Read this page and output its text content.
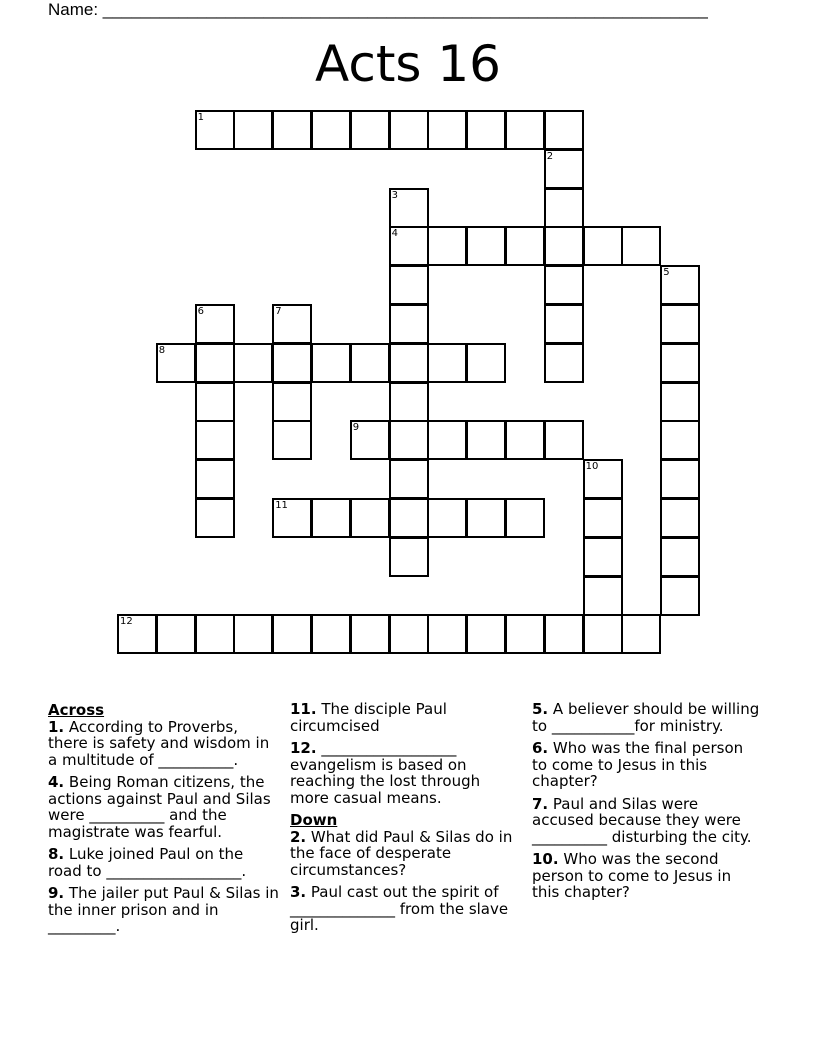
Name: ________________________________________________________________
Acts 16
1
2
3
4
5
6	7
8
9
10
11
12
Across
1. According to Proverbs, there is safety and wisdom in a multitude of __________.
4. Being Roman citizens, the actions against Paul and Silas were __________ and the magistrate was fearful.
8. Luke joined Paul on the road to __________________.
9. The jailer put Paul & Silas in the inner prison and in _________.
11. The disciple Paul circumcised
12. __________________ evangelism is based on reaching the lost through more casual means.
Down
2. What did Paul & Silas do in the face of desperate circumstances?
3. Paul cast out the spirit of ______________ from the slave girl.
5. A believer should be willing to ___________for ministry.
6. Who was the final person to come to Jesus in this chapter?
7. Paul and Silas were accused because they were __________ disturbing the city.
10. Who was the second person to come to Jesus in this chapter?
